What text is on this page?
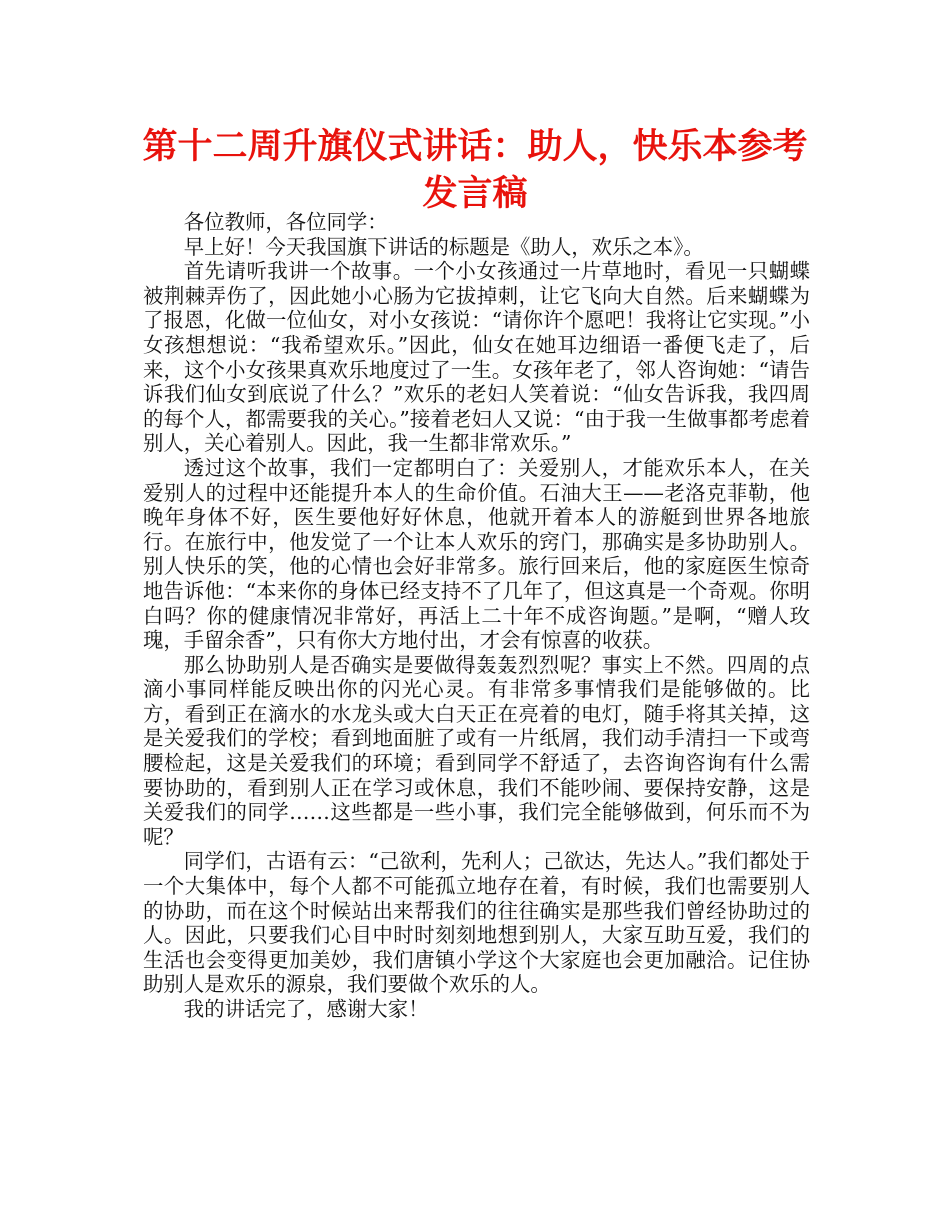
第十二周升旗仪式讲话：助人，快乐本参考发言稿

各位教师，各位同学：

早上好！今天我国旗下讲话的标题是《助人，欢乐之本》。

首先请听我讲一个故事。一个小女孩通过一片草地时，看见一只蝴蝶被荆棘弄伤了，因此她小心肠为它拔掉刺，让它飞向大自然。后来蝴蝶为了报恩，化做一位仙女，对小女孩说：“请你许个愿吧！我将让它实现。”小女孩想想说：“我希望欢乐。”因此，仙女在她耳边细语一番便飞走了，后来，这个小女孩果真欢乐地度过了一生。女孩年老了，邻人咨询她：“请告诉我们仙女到底说了什么？”欢乐的老妇人笑着说：“仙女告诉我，我四周的每个人，都需要我的关心。”接着老妇人又说：“由于我一生做事都考虑着别人，关心着别人。因此，我一生都非常欢乐。”

透过这个故事，我们一定都明白了：关爱别人，才能欢乐本人，在关爱别人的过程中还能提升本人的生命价值。石油大王——老洛克菲勒，他晚年身体不好，医生要他好好休息，他就开着本人的游艇到世界各地旅行。在旅行中，他发觉了一个让本人欢乐的窍门，那确实是多协助别人。别人快乐的笑，他的心情也会好非常多。旅行回来后，他的家庭医生惊奇地告诉他：“本来你的身体已经支持不了几年了，但这真是一个奇观。你明白吗？你的健康情况非常好，再活上二十年不成咨询题。”是啊，“赠人玫瑰，手留余香”，只有你大方地付出，才会有惊喜的收获。

那么协助别人是否确实是要做得轰轰烈烈呢？事实上不然。四周的点滴小事同样能反映出你的闪光心灵。有非常多事情我们是能够做的。比方，看到正在滴水的水龙头或大白天正在亮着的电灯，随手将其关掉，这是关爱我们的学校；看到地面脏了或有一片纸屑，我们动手清扫一下或弯腰检起，这是关爱我们的环境；看到同学不舒适了，去咨询咨询有什么需要协助的，看到别人正在学习或休息，我们不能吵闹、要保持安静，这是关爱我们的同学……这些都是一些小事，我们完全能够做到，何乐而不为呢？

同学们，古语有云：“己欲利，先利人；己欲达，先达人。”我们都处于一个大集体中，每个人都不可能孤立地存在着，有时候，我们也需要别人的协助，而在这个时候站出来帮我们的往往确实是那些我们曾经协助过的人。因此，只要我们心目中时时刻刻地想到别人，大家互助互爱，我们的生活也会变得更加美妙，我们唐镇小学这个大家庭也会更加融洽。记住协助别人是欢乐的源泉，我们要做个欢乐的人。

我的讲话完了，感谢大家！
